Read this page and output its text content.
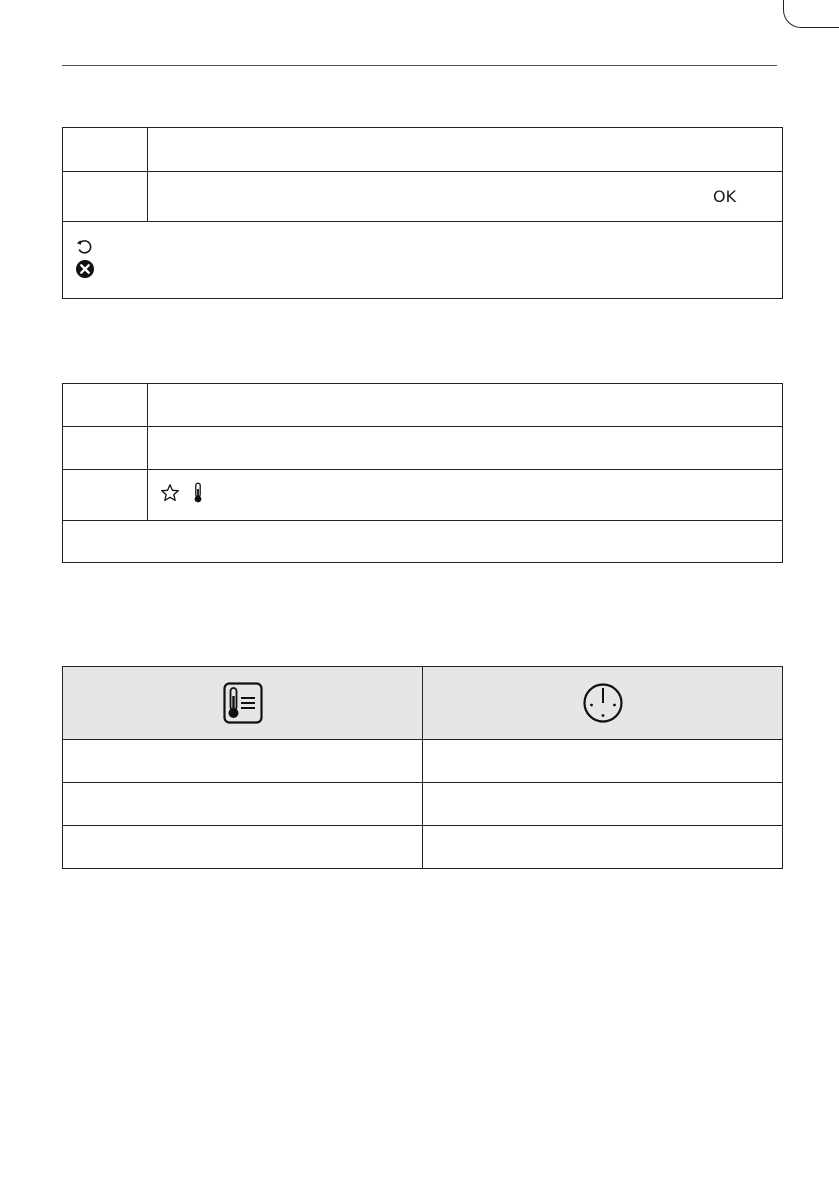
	OK
